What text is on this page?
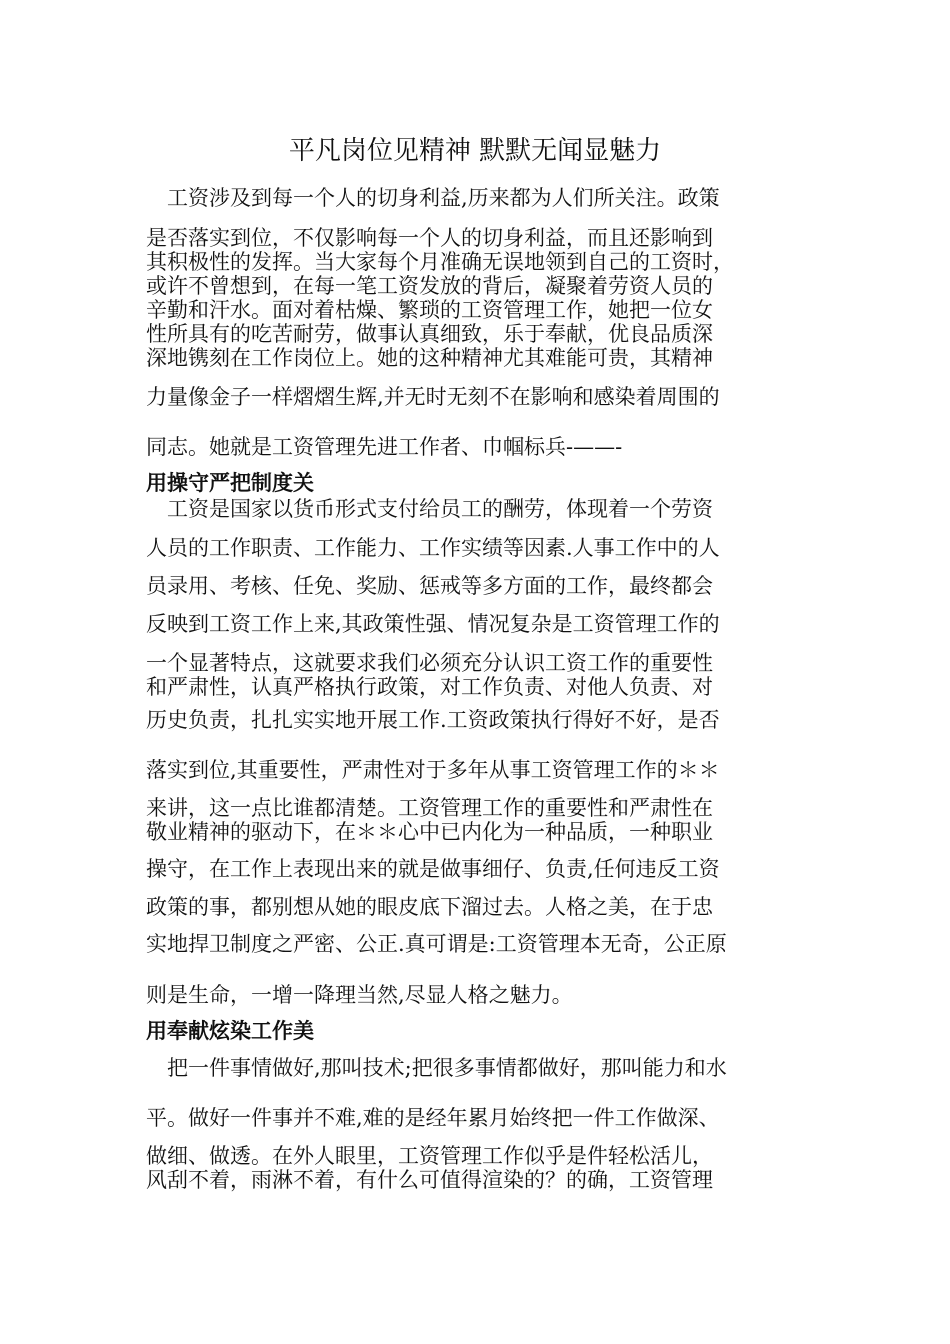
平凡岗位见精神 默默无闻显魅力
　工资涉及到每一个人的切身利益,历来都为人们所关注。政策
是否落实到位，不仅影响每一个人的切身利益，而且还影响到
其积极性的发挥。当大家每个月准确无误地领到自己的工资时，
或许不曾想到，在每一笔工资发放的背后，凝聚着劳资人员的
辛勤和汗水。面对着枯燥、繁琐的工资管理工作，她把一位女
性所具有的吃苦耐劳，做事认真细致，乐于奉献，优良品质深
深地镌刻在工作岗位上。她的这种精神尤其难能可贵，其精神
力量像金子一样熠熠生辉,并无时无刻不在影响和感染着周围的
同志。她就是工资管理先进工作者、巾帼标兵-——-
用操守严把制度关
　工资是国家以货币形式支付给员工的酬劳，体现着一个劳资
人员的工作职责、工作能力、工作实绩等因素.人事工作中的人
员录用、考核、任免、奖励、惩戒等多方面的工作，最终都会
反映到工资工作上来,其政策性强、情况复杂是工资管理工作的
一个显著特点，这就要求我们必须充分认识工资工作的重要性
和严肃性，认真严格执行政策，对工作负责、对他人负责、对
历史负责，扎扎实实地开展工作.工资政策执行得好不好，是否
落实到位,其重要性，严肃性对于多年从事工资管理工作的＊＊
来讲，这一点比谁都清楚。工资管理工作的重要性和严肃性在
敬业精神的驱动下，在＊＊心中已内化为一种品质，一种职业
操守，在工作上表现出来的就是做事细仔、负责,任何违反工资
政策的事，都别想从她的眼皮底下溜过去。人格之美，在于忠
实地捍卫制度之严密、公正.真可谓是:工资管理本无奇，公正原
则是生命，一增一降理当然,尽显人格之魅力。
用奉献炫染工作美
　把一件事情做好,那叫技术;把很多事情都做好，那叫能力和水
平。做好一件事并不难,难的是经年累月始终把一件工作做深、
做细、做透。在外人眼里，工资管理工作似乎是件轻松活儿，
风刮不着，雨淋不着，有什么可值得渲染的？的确，工资管理
